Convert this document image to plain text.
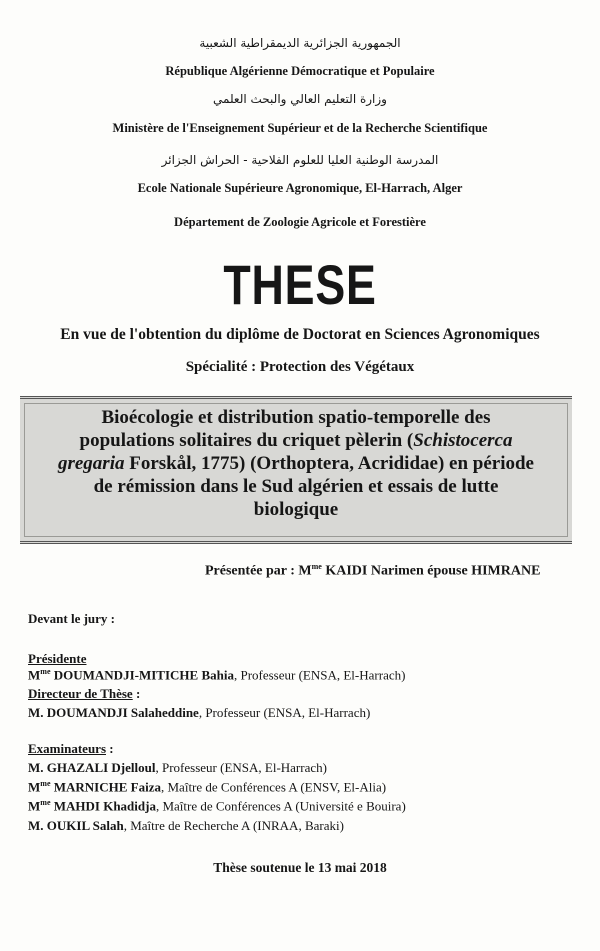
الجمهورية الجزائرية الديمقراطية الشعبية
République Algérienne Démocratique et Populaire
وزارة التعليم العالي والبحث العلمي
Ministère de l'Enseignement Supérieur et de la Recherche Scientifique
المدرسة الوطنية العليا للعلوم الفلاحية - الحراش الجزائر
Ecole Nationale Supérieure Agronomique, El-Harrach, Alger
Département de Zoologie Agricole et Forestière
THESE
En vue de l'obtention du diplôme de Doctorat en Sciences Agronomiques
Spécialité : Protection des Végétaux
Bioécologie et distribution spatio-temporelle des
populations solitaires du criquet pèlerin (Schistocerca
gregaria Forskål, 1775) (Orthoptera, Acrididae) en période
de rémission dans le Sud algérien et essais de lutte
biologique
Présentée par : $M^{me}$ KAIDI Narimen épouse HIMRANE
Devant le jury :
Présidente
$M^{me}$ DOUMANDJI-MITICHE Bahia, Professeur (ENSA, El-Harrach)
Directeur de Thèse :
M. DOUMANDJI Salaheddine, Professeur (ENSA, El-Harrach)
Examinateurs :
M. GHAZALI Djelloul, Professeur (ENSA, El-Harrach)
$M^{me}$ MARNICHE Faiza, Maître de Conférences A (ENSV, El-Alia)
$M^{me}$ MAHDI Khadidja, Maître de Conférences A (Université e Bouira)
M. OUKIL Salah, Maître de Recherche A (INRAA, Baraki)
Thèse soutenue le 13 mai 2018
